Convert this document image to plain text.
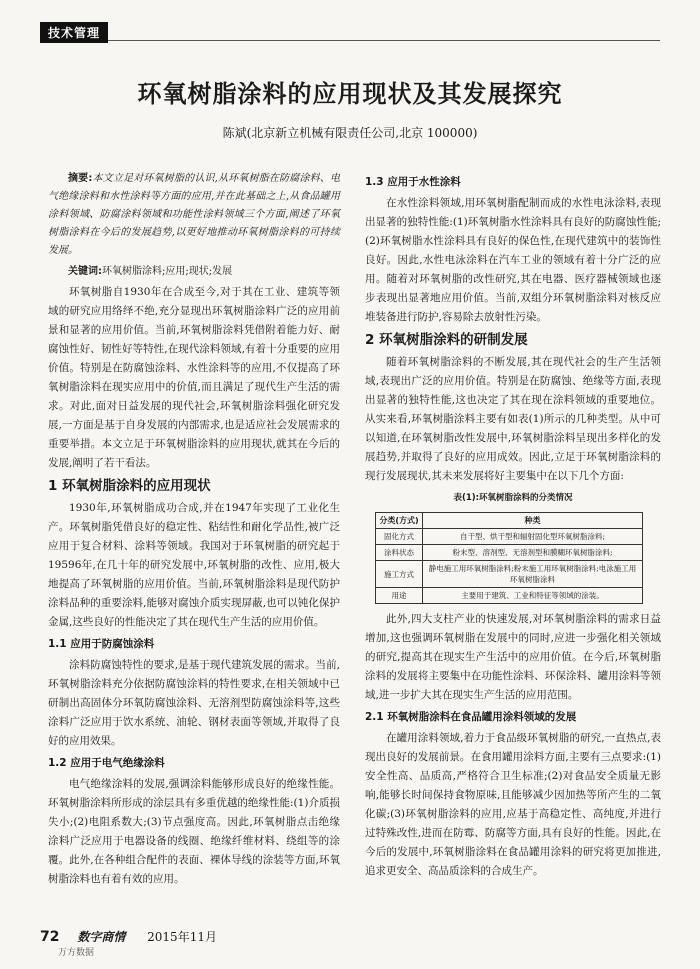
技术管理
环氧树脂涂料的应用现状及其发展探究
陈斌(北京新立机械有限责任公司,北京 100000)

摘要:本文立足对环氧树脂的认识,从环氧树脂在防腐涂料、电气绝缘涂料和水性涂料等方面的应用,并在此基础之上,从食品罐用涂料领域、防腐涂料领域和功能性涂料领域三个方面,阐述了环氧树脂涂料在今后的发展趋势,以更好地推动环氧树脂涂料的可持续发展。

关键词:环氧树脂涂料;应用;现状;发展

环氧树脂自1930年在合成至今,对于其在工业、建筑等领域的研究应用络绎不绝,充分显现出环氧树脂涂料广泛的应用前景和显著的应用价值。当前,环氧树脂涂料凭借附着能力好、耐腐蚀性好、韧性好等特性,在现代涂料领域,有着十分重要的应用价值。特别是在防腐蚀涂料、水性涂料等的应用,不仅提高了环氧树脂涂料在现实应用中的价值,而且满足了现代生产生活的需求。对此,面对日益发展的现代社会,环氧树脂涂料强化研究发展,一方面是基于自身发展的内部需求,也是适应社会发展需求的重要举措。本文立足于环氧树脂涂料的应用现状,就其在今后的发展,阐明了若干看法。

1 环氧树脂涂料的应用现状

1930年,环氧树脂成功合成,并在1947年实现了工业化生产。环氧树脂凭借良好的稳定性、粘结性和耐化学品性,被广泛应用于复合材料、涂料等领域。我国对于环氧树脂的研究起于19596年,在几十年的研究发展中,环氧树脂的改性、应用,极大地提高了环氧树脂的应用价值。当前,环氧树脂涂料是现代防护涂料品种的重要涂料,能够对腐蚀介质实现屏蔽,也可以钝化保护金属,这些良好的性能决定了其在现代生产生活的应用价值。

1.1 应用于防腐蚀涂料

涂料防腐蚀特性的要求,是基于现代建筑发展的需求。当前,环氧树脂涂料充分依据防腐蚀涂料的特性要求,在相关领域中已研制出高固体分环氧防腐蚀涂料、无溶剂型防腐蚀涂料等,这些涂料广泛应用于饮水系统、油轮、钢材表面等领域,并取得了良好的应用效果。

1.2 应用于电气绝缘涂料

电气绝缘涂料的发展,强调涂料能够形成良好的绝缘性能。环氧树脂涂料所形成的涂层具有多重优越的绝缘性能:(1)介质损失小;(2)电阻系数大;(3)节点强度高。因此,环氧树脂点击绝缘涂料广泛应用于电器设备的线圈、绝缘纤维材料、绕组等的涂覆。此外,在各种组合配件的表面、裸体导线的涂装等方面,环氧树脂涂料也有着有效的应用。

1.3 应用于水性涂料

在水性涂料领域,用环氧树脂配制而成的水性电泳涂料,表现出显著的独特性能:(1)环氧树脂水性涂料具有良好的防腐蚀性能;(2)环氧树脂水性涂料具有良好的保色性,在现代建筑中的装饰性良好。因此,水性电泳涂料在汽车工业的领域有着十分广泛的应用。随着对环氧树脂的改性研究,其在电器、医疗器械领域也逐步表现出显著地应用价值。当前,双组分环氧树脂涂料对核反应堆装备进行防护,容易除去放射性污染。

2 环氧树脂涂料的研制发展

随着环氧树脂涂料的不断发展,其在现代社会的生产生活领域,表现出广泛的应用价值。特别是在防腐蚀、绝缘等方面,表现出显著的独特性能,这也决定了其在现在涂料领域的重要地位。从实来看,环氧树脂涂料主要有如表(1)所示的几种类型。从中可以知道,在环氧树脂改性发展中,环氧树脂涂料呈现出多样化的发展趋势,并取得了良好的应用成效。因此,立足于环氧树脂涂料的现行发展现状,其未来发展将好主要集中在以下几个方面:

表(1):环氧树脂涂料的分类情况
分类(方式)	种类
固化方式	自干型、烘干型和辐射固化型环氧树脂涂料;
涂料状态	粉末型、溶剂型、无溶剂型和膜糊环氧树脂涂料;
施工方式	静电施工用环氧树脂涂料;粉末施工用环氧树脂涂料;电泳施工用环氧树脂涂料
用途	主要用于建筑、工业和特征等领域的涂装。

此外,四大支柱产业的快速发展,对环氧树脂涂料的需求日益增加,这也强调环氧树脂在发展中的同时,应进一步强化相关领域的研究,提高其在现实生产生活中的应用价值。在今后,环氧树脂涂料的发展将主要集中在功能性涂料、环保涂料、罐用涂料等领域,进一步扩大其在现实生产生活的应用范围。

2.1 环氧树脂涂料在食品罐用涂料领域的发展

在罐用涂料领域,着力于食品级环氧树脂的研究,一直热点,表现出良好的发展前景。在食用罐用涂料方面,主要有三点要求:(1)安全性高、品质高,严格符合卫生标准;(2)对食品安全质量无影响,能够长时间保持食物原味,且能够减少因加热等所产生的二氧化碳;(3)环氧树脂涂料的应用,应基于高稳定性、高纯度,并进行过特殊改性,进而在防霉、防腐等方面,具有良好的性能。因此,在今后的发展中,环氧树脂涂料在食品罐用涂料的研究将更加推进,追求更安全、高品质涂料的合成生产。

72 数字商情 2015年11月
万方数据
